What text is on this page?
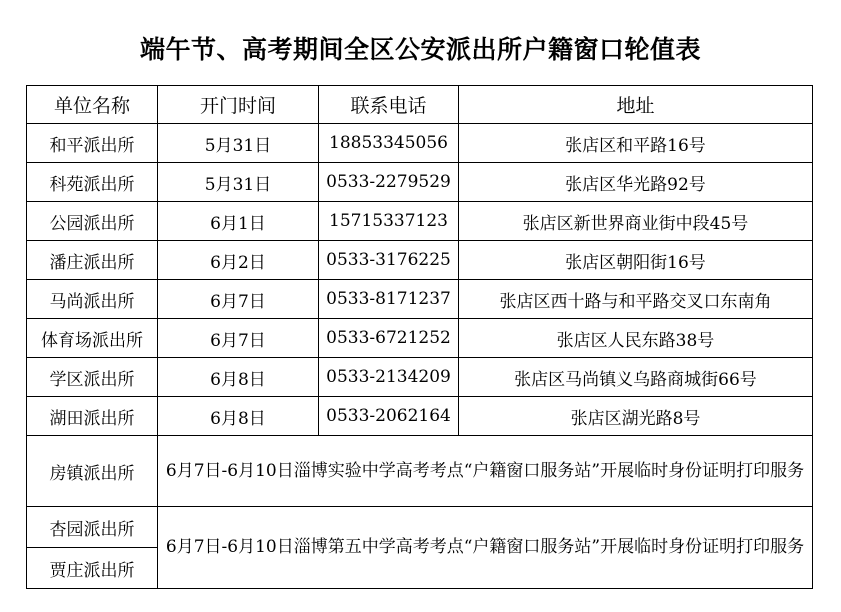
端午节、高考期间全区公安派出所户籍窗口轮值表
单位名称	开门时间	联系电话	地址
和平派出所	5月31日	18853345056	张店区和平路16号
科苑派出所	5月31日	0533-2279529	张店区华光路92号
公园派出所	6月1日	15715337123	张店区新世界商业街中段45号
潘庄派出所	6月2日	0533-3176225	张店区朝阳街16号
马尚派出所	6月7日	0533-8171237	张店区西十路与和平路交叉口东南角
体育场派出所	6月7日	0533-6721252	张店区人民东路38号
学区派出所	6月8日	0533-2134209	张店区马尚镇义乌路商城街66号
湖田派出所	6月8日	0533-2062164	张店区湖光路8号
房镇派出所	6月7日-6月10日淄博实验中学高考考点“户籍窗口服务站”开展临时身份证明打印服务		
杏园派出所	6月7日-6月10日淄博第五中学高考考点“户籍窗口服务站”开展临时身份证明打印服务		
贾庄派出所			
